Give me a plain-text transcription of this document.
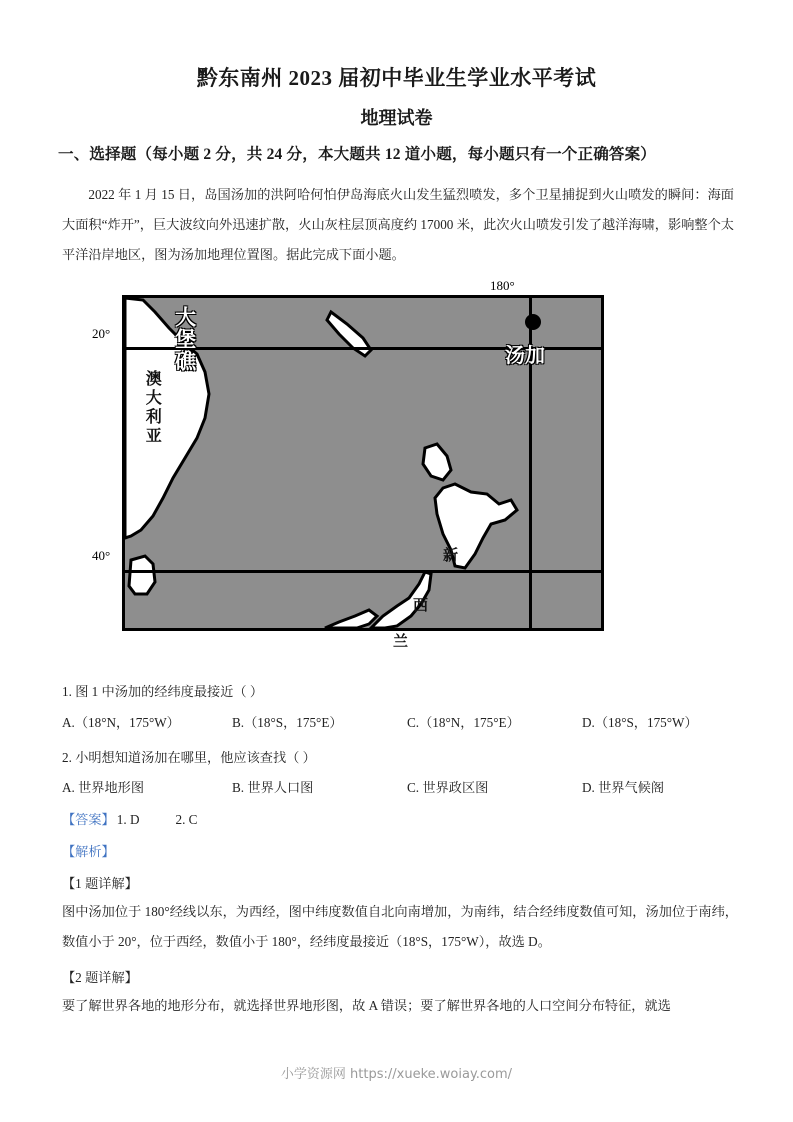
黔东南州 2023 届初中毕业生学业水平考试
地理试卷
一、选择题（每小题 2 分，共 24 分，本大题共 12 道小题，每小题只有一个正确答案）
2022 年 1 月 15 日，岛国汤加的洪阿哈何怕伊岛海底火山发生猛烈喷发，多个卫星捕捉到火山喷发的瞬间：海面大面积“炸开”，巨大波纹向外迅速扩散，火山灰柱层顶高度约 17000 米，此次火山喷发引发了越洋海啸，影响整个太平洋沿岸地区，图为汤加地理位置图。据此完成下面小题。
20°
40°
180°
大堡礁
澳大利亚
汤加
新
西
兰
1. 图 1 中汤加的经纬度最接近（ ）
A.（18°N，175°W）	B.（18°S，175°E）	C.（18°N，175°E）	D.（18°S，175°W）
2. 小明想知道汤加在哪里，他应该查找（ ）
A. 世界地形图	B. 世界人口图	C. 世界政区图	D. 世界气候阁
【答案】 1. D	2. C
【解析】
【1 题详解】
图中汤加位于 180°经线以东，为西经，图中纬度数值自北向南增加，为南纬，结合经纬度数值可知，汤加位于南纬，数值小于 20°，位于西经，数值小于 180°，经纬度最接近（18°S，175°W），故选 D。
【2 题详解】
要了解世界各地的地形分布，就选择世界地形图，故 A 错误；要了解世界各地的人口空间分布特征，就选
小学资源网 https://xueke.woiay.com/
